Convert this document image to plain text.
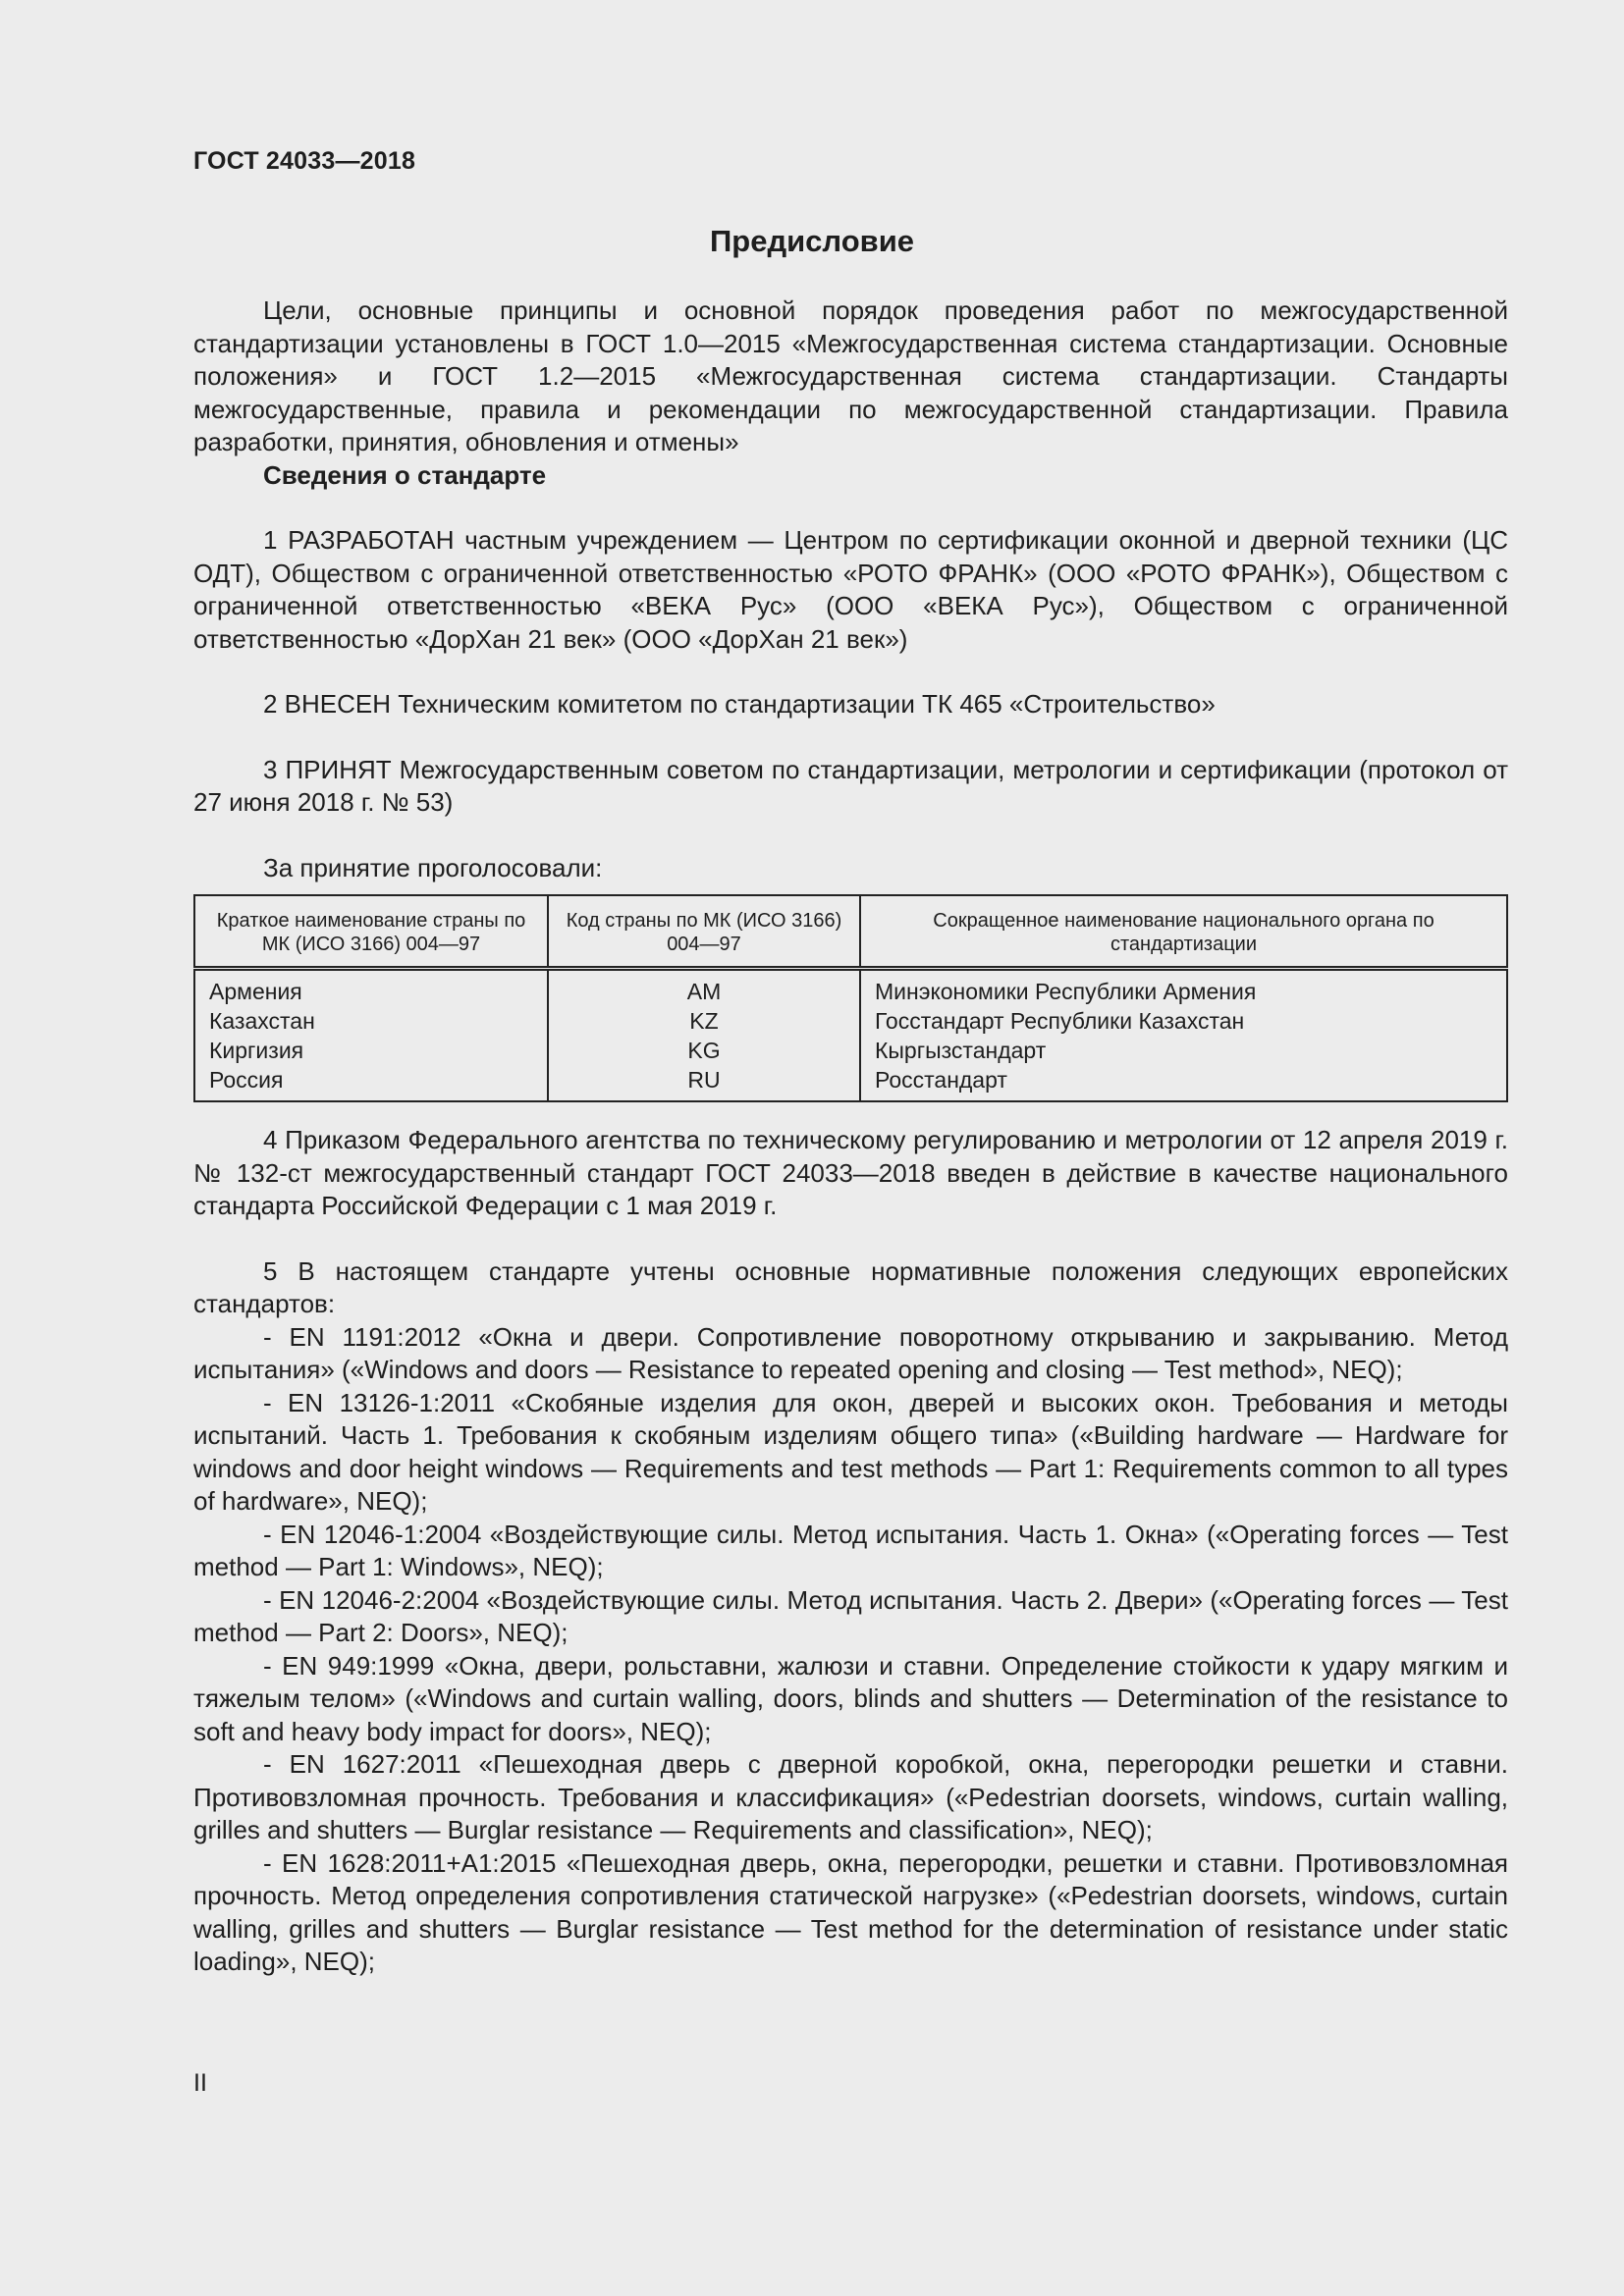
ГОСТ 24033—2018
Предисловие

Цели, основные принципы и основной порядок проведения работ по межгосударственной стандартизации установлены в ГОСТ 1.0—2015 «Межгосударственная система стандартизации. Основные положения» и ГОСТ 1.2—2015 «Межгосударственная система стандартизации. Стандарты межгосударственные, правила и рекомендации по межгосударственной стандартизации. Правила разработки, принятия, обновления и отмены»

Сведения о стандарте

1 РАЗРАБОТАН частным учреждением — Центром по сертификации оконной и дверной техники (ЦС ОДТ), Обществом с ограниченной ответственностью «РОТО ФРАНК» (ООО «РОТО ФРАНК»), Обществом с ограниченной ответственностью «ВЕКА Рус» (ООО «ВЕКА Рус»), Обществом с ограниченной ответственностью «ДорХан 21 век» (ООО «ДорХан 21 век»)

2 ВНЕСЕН Техническим комитетом по стандартизации ТК 465 «Строительство»

3 ПРИНЯТ Межгосударственным советом по стандартизации, метрологии и сертификации (протокол от 27 июня 2018 г. № 53)

За принятие проголосовали:

Краткое наименование страны по МК (ИСО 3166) 004—97	Код страны по МК (ИСО 3166) 004—97	Сокращенное наименование национального органа по стандартизации
Армения	AM	Минэкономики Республики Армения
Казахстан	KZ	Госстандарт Республики Казахстан
Киргизия	KG	Кыргызстандарт
Россия	RU	Росстандарт

4 Приказом Федерального агентства по техническому регулированию и метрологии от 12 апреля 2019 г. № 132-ст межгосударственный стандарт ГОСТ 24033—2018 введен в действие в качестве национального стандарта Российской Федерации с 1 мая 2019 г.

5 В настоящем стандарте учтены основные нормативные положения следующих европейских стандартов:

- EN 1191:2012 «Окна и двери. Сопротивление поворотному открыванию и закрыванию. Метод испытания» («Windows and doors — Resistance to repeated opening and closing — Test method», NEQ);

- EN 13126-1:2011 «Скобяные изделия для окон, дверей и высоких окон. Требования и методы испытаний. Часть 1. Требования к скобяным изделиям общего типа» («Building hardware — Hardware for windows and door height windows — Requirements and test methods — Part 1: Requirements common to all types of hardware», NEQ);

- EN 12046-1:2004 «Воздействующие силы. Метод испытания. Часть 1. Окна» («Operating forces — Test method — Part 1: Windows», NEQ);

- EN 12046-2:2004 «Воздействующие силы. Метод испытания. Часть 2. Двери» («Operating forces — Test method — Part 2: Doors», NEQ);

- EN 949:1999 «Окна, двери, рольставни, жалюзи и ставни. Определение стойкости к удару мягким и тяжелым телом» («Windows and curtain walling, doors, blinds and shutters — Determination of the resistance to soft and heavy body impact for doors», NEQ);

- EN 1627:2011 «Пешеходная дверь с дверной коробкой, окна, перегородки решетки и ставни. Противовзломная прочность. Требования и классификация» («Pedestrian doorsets, windows, curtain walling, grilles and shutters — Burglar resistance — Requirements and classification», NEQ);

- EN 1628:2011+A1:2015 «Пешеходная дверь, окна, перегородки, решетки и ставни. Противовзломная прочность. Метод определения сопротивления статической нагрузке» («Pedestrian doorsets, windows, curtain walling, grilles and shutters — Burglar resistance — Test method for the determination of resistance under static loading», NEQ);

II
